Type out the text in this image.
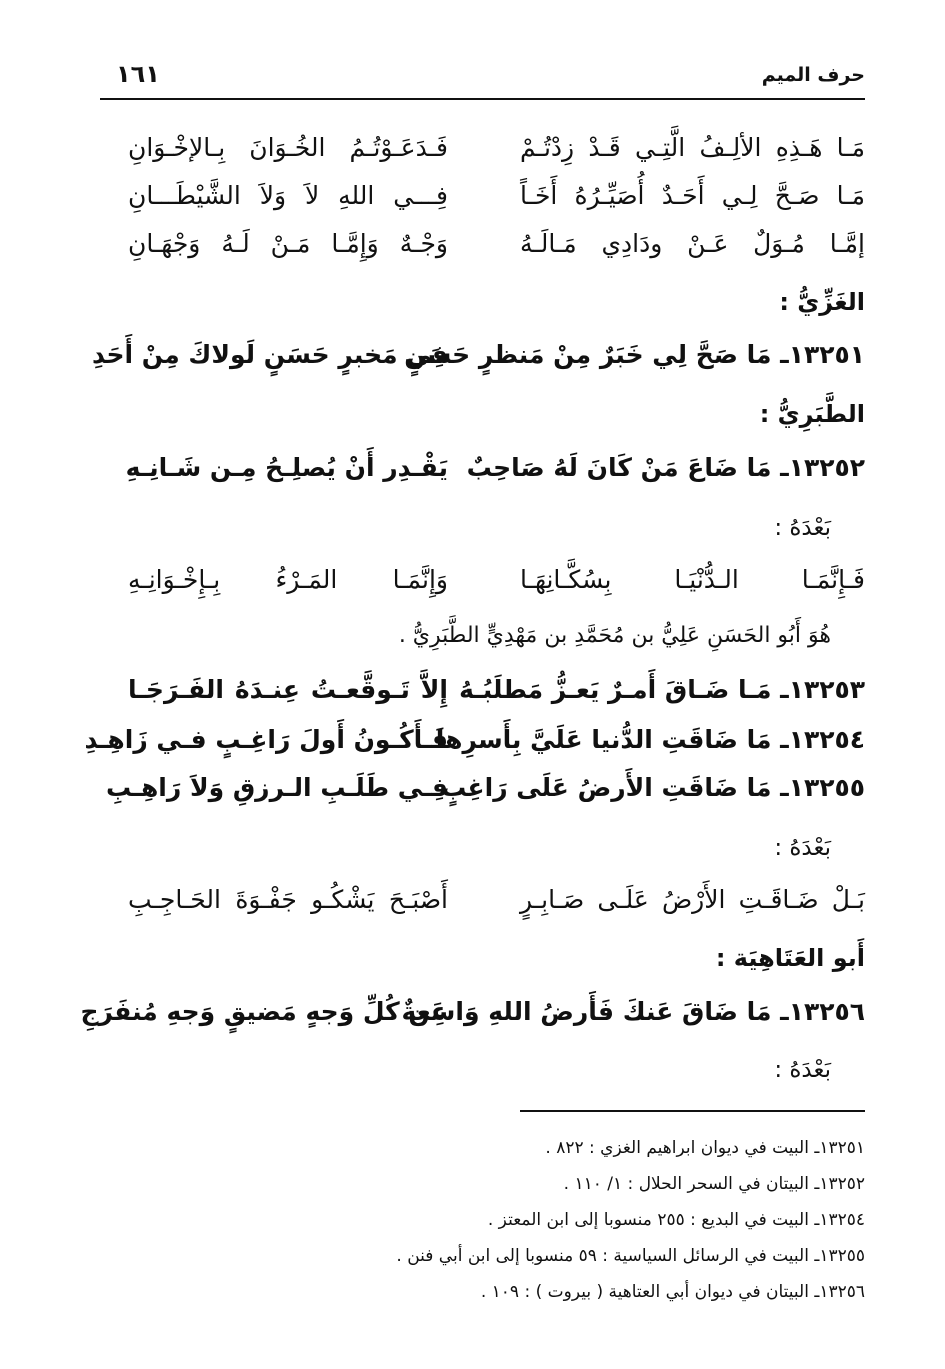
حرف الميم
١٦١
مَـا هَـذِهِ الألِـفُ الَّتِـي قَـدْ زِدْتُـمْ
فَـدَعَـوْتُـمُ الخُـوَانَ بِـالإخْـوَانِ
مَـا صَـحَّ لِـي أَحَـدٌ أُصَيِّـرُهُ أَخَـاً
فِـــي اللهِ لاَ وَلاَ الشَّيْطَـــانِ
إمَّـا مُـوَلٌ عَـنْ ودَادِي مَـالَـهُ
وَجْـهٌ وَإِمَّـا مَـنْ لَـهُ وَجْهَـانِ
الغَزِّيُّ :
١٣٢٥١ـ مَا صَحَّ لِي خَبَرٌ مِنْ مَنظرٍ حَسَنٍ
فِي مَخبرٍ حَسَنٍ لَولاكَ مِنْ أَحَدِ
الطَّبَرِيُّ :
١٣٢٥٢ـ مَا ضَاعَ مَنْ كَانَ لَهُ صَاحِبٌ
يَقْـدِر أَنْ يُصلِـحُ مِـن شَـانِـهِ
بَعْدَهُ :
فَـإِنَّمَـا الـدُّنْيَـا بِسُكَّـانِهَـا
وَإِنَّمَـا المَـرْءُ بِـإِخْـوَانِـهِ
هُوَ أَبُو الحَسَنِ عَلِيُّ بن مُحَمَّدِ بن مَهْدِيٍّ الطَّبَرِيُّ .
١٣٢٥٣ـ مَـا ضَـاقَ أَمـرٌ يَعـزُّ مَطلَبُـهُ
إِلاَّ تَـوقَّعـتُ عِنـدَهُ الفَـرَجَـا
١٣٢٥٤ـ مَا ضَاقَتِ الدُّنيا عَلَيَّ بِأَسرِها
فَـأَكُـونُ أَولَ رَاغِـبٍ فـي زَاهِـدِ
١٣٢٥٥ـ مَا ضَاقَتِ الأَرضُ عَلَى رَاغِبٍ
فِـي طَلَـبِ الـرزقِ وَلاَ رَاهِـبِ
بَعْدَهُ :
بَـلْ ضَـاقَـتِ الأَرْضُ عَلَـى صَـابِـرٍ
أَصْبَـحَ يَشْكُـو جَفْـوَةَ الحَـاجِـبِ
أَبو العَتَاهِيَة :
١٣٢٥٦ـ مَا ضَاقَ عَنكَ فَأَرضُ اللهِ وَاسِعةٌ
عَن كُلِّ وَجهٍ مَضيقٍ وَجهِ مُنفَرَجِ
بَعْدَهُ :
١٣٢٥١ـ البيت في ديوان ابراهيم الغزي : ٨٢٢ .
١٣٢٥٢ـ البيتان في السحر الحلال : ١/ ١١٠ .
١٣٢٥٤ـ البيت في البديع : ٢٥٥ منسوبا إلى ابن المعتز .
١٣٢٥٥ـ البيت في الرسائل السياسية : ٥٩ منسوبا إلى ابن أبي فنن .
١٣٢٥٦ـ البيتان في ديوان أبي العتاهية ( بيروت ) : ١٠٩ .
